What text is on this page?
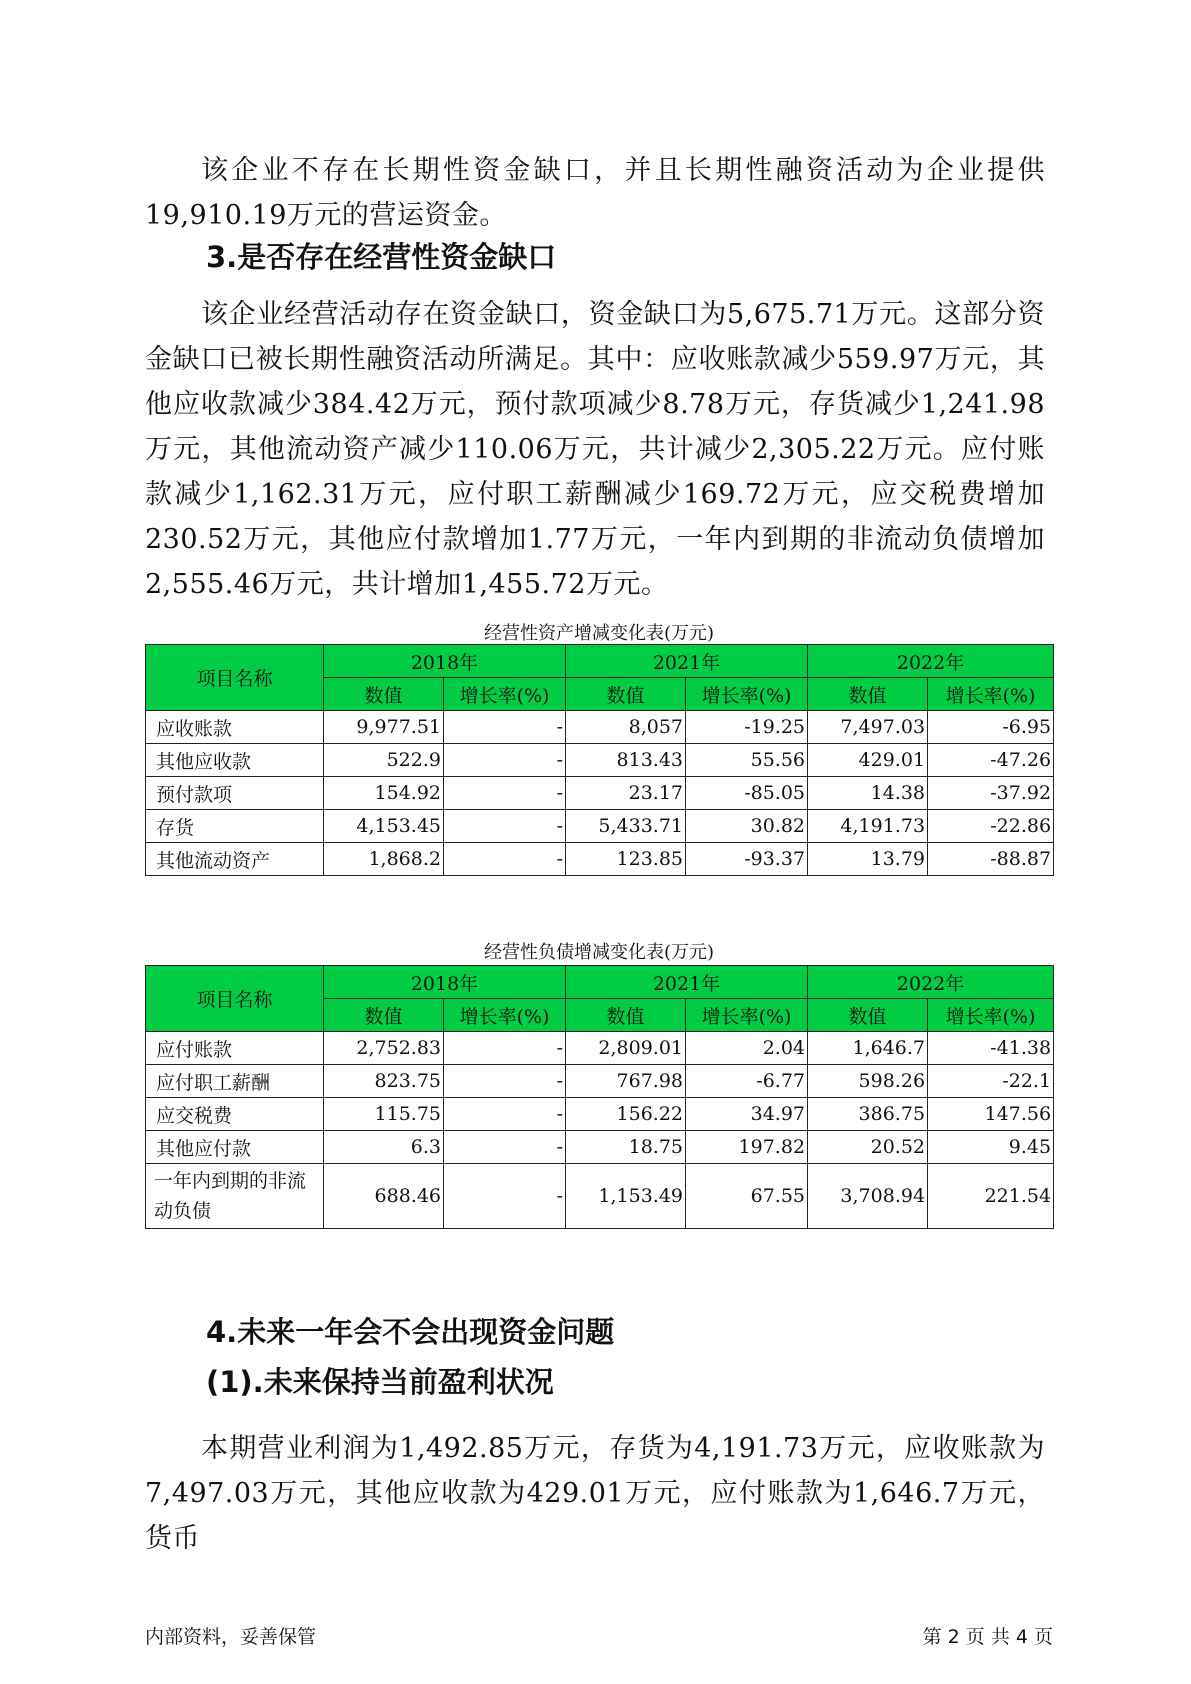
该企业不存在长期性资金缺口，并且长期性融资活动为企业提供19,910.19万元的营运资金。

3.是否存在经营性资金缺口

该企业经营活动存在资金缺口，资金缺口为5,675.71万元。这部分资金缺口已被长期性融资活动所满足。其中：应收账款减少559.97万元，其他应收款减少384.42万元，预付款项减少8.78万元，存货减少1,241.98万元，其他流动资产减少110.06万元，共计减少2,305.22万元。应付账款减少1,162.31万元，应付职工薪酬减少169.72万元，应交税费增加230.52万元，其他应付款增加1.77万元，一年内到期的非流动负债增加2,555.46万元，共计增加1,455.72万元。

经营性资产增减变化表(万元)

项目名称	2018年		2021年		2022年	
	数值	增长率(%)	数值	增长率(%)	数值	增长率(%)
应收账款	9,977.51	-	8,057	-19.25	7,497.03	-6.95
其他应收款	522.9	-	813.43	55.56	429.01	-47.26
预付款项	154.92	-	23.17	-85.05	14.38	-37.92
存货	4,153.45	-	5,433.71	30.82	4,191.73	-22.86
其他流动资产	1,868.2	-	123.85	-93.37	13.79	-88.87

经营性负债增减变化表(万元)

项目名称	2018年		2021年		2022年	
	数值	增长率(%)	数值	增长率(%)	数值	增长率(%)
应付账款	2,752.83	-	2,809.01	2.04	1,646.7	-41.38
应付职工薪酬	823.75	-	767.98	-6.77	598.26	-22.1
应交税费	115.75	-	156.22	34.97	386.75	147.56
其他应付款	6.3	-	18.75	197.82	20.52	9.45
一年内到期的非流动负债	688.46	-	1,153.49	67.55	3,708.94	221.54
4.未来一年会不会出现资金问题
(1).未来保持当前盈利状况

本期营业利润为1,492.85万元，存货为4,191.73万元，应收账款为7,497.03万元，其他应收款为429.01万元，应付账款为1,646.7万元，货币

内部资料，妥善保管	第 2 页 共 4 页
